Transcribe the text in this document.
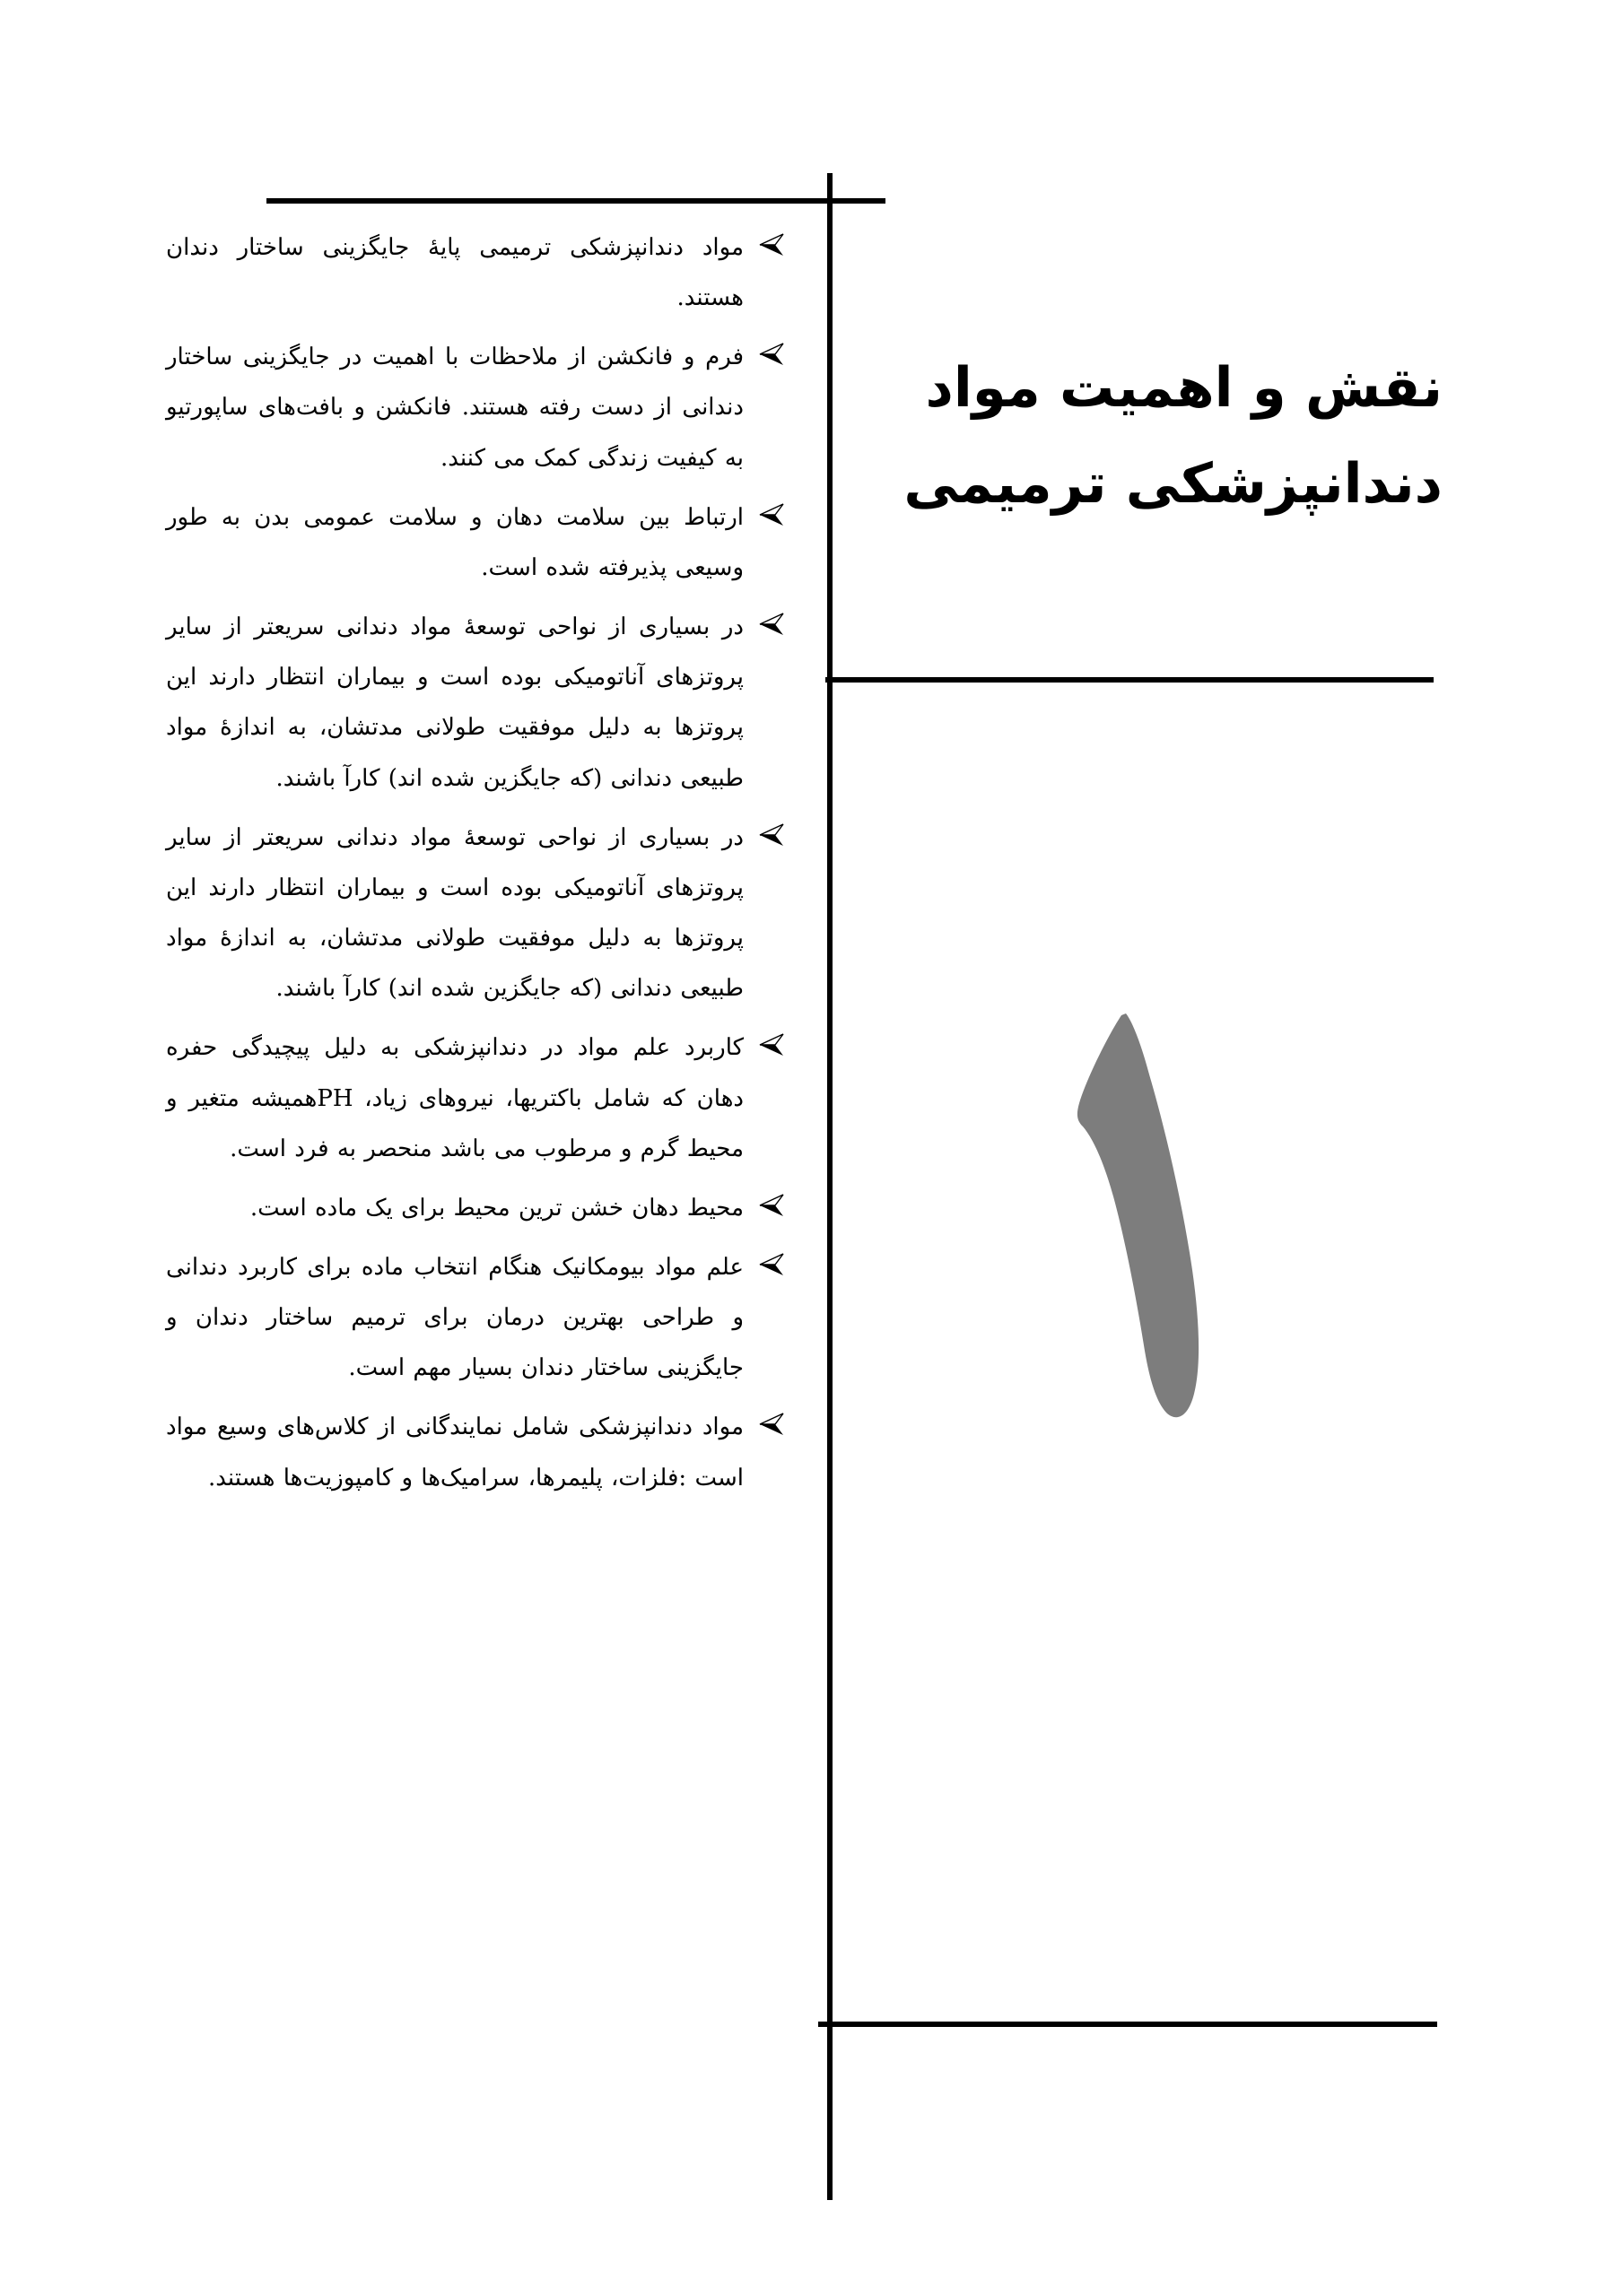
نقش و اهمیت مواد
دندانپزشکی ترمیمی

مواد دندانپزشکی ترمیمی پایۀ جایگزینی ساختار دندان هستند.

فرم و فانکشن از ملاحظات با اهمیت در جایگزینی ساختار دندانی از دست رفته هستند. فانکشن و بافت‌های ساپورتیو به کیفیت زندگی کمک می کنند.

ارتباط بین سلامت دهان و سلامت عمومی بدن به طور وسیعی پذیرفته شده است.

در بسیاری از نواحی توسعۀ مواد دندانی سریعتر از سایر پروتزهای آناتومیکی بوده است و بیماران انتظار دارند این پروتزها به دلیل موفقیت طولانی مدتشان، به اندازۀ مواد طبیعی دندانی (که جایگزین شده اند) کارآ باشند.

در بسیاری از نواحی توسعۀ مواد دندانی سریعتر از سایر پروتزهای آناتومیکی بوده است و بیماران انتظار دارند این پروتزها به دلیل موفقیت طولانی مدتشان، به اندازۀ مواد طبیعی دندانی (که جایگزین شده اند) کارآ باشند.

کاربرد علم مواد در دندانپزشکی به دلیل پیچیدگی حفره دهان که شامل باکتریها، نیروهای زیاد، PHهمیشه متغیر و محیط گرم و مرطوب می باشد منحصر به فرد است.

محیط دهان خشن ترین محیط برای یک ماده است.

علم مواد بیومکانیک هنگام انتخاب ماده برای کاربرد دندانی و طراحی بهترین درمان برای ترمیم ساختار دندان و جایگزینی ساختار دندان بسیار مهم است.

مواد دندانپزشکی شامل نمایندگانی از کلاس‌های وسیع مواد است :فلزات، پلیمرها، سرامیک‌ها و کامپوزیت‌ها هستند.
